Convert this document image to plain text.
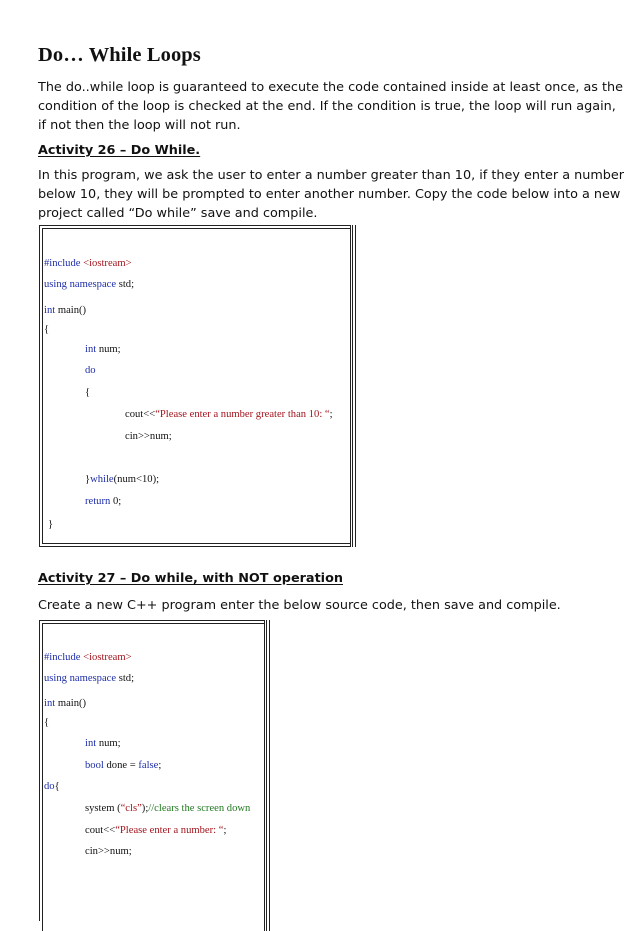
Do… While Loops
The do..while loop is guaranteed to execute the code contained inside at least once, as the
condition of the loop is checked at the end. If the condition is true, the loop will run again,
if not then the loop will not run.
Activity 26 – Do While.
In this program, we ask the user to enter a number greater than 10, if they enter a number
below 10, they will be prompted to enter another number. Copy the code below into a new
project called “Do while” save and compile.
#include <iostream>
using namespace std;
int main()
{
int num;
do
{
cout<<“Please enter a number greater than 10: “;
cin>>num;
}while(num<10);
return 0;
}
Activity 27 – Do while, with NOT operation
Create a new C++ program enter the below source code, then save and compile.
#include <iostream>
using namespace std;
int main()
{
int num;
bool done = false;
do{
system (“cls”);//clears the screen down
cout<<“Please enter a number: “;
cin>>num;
